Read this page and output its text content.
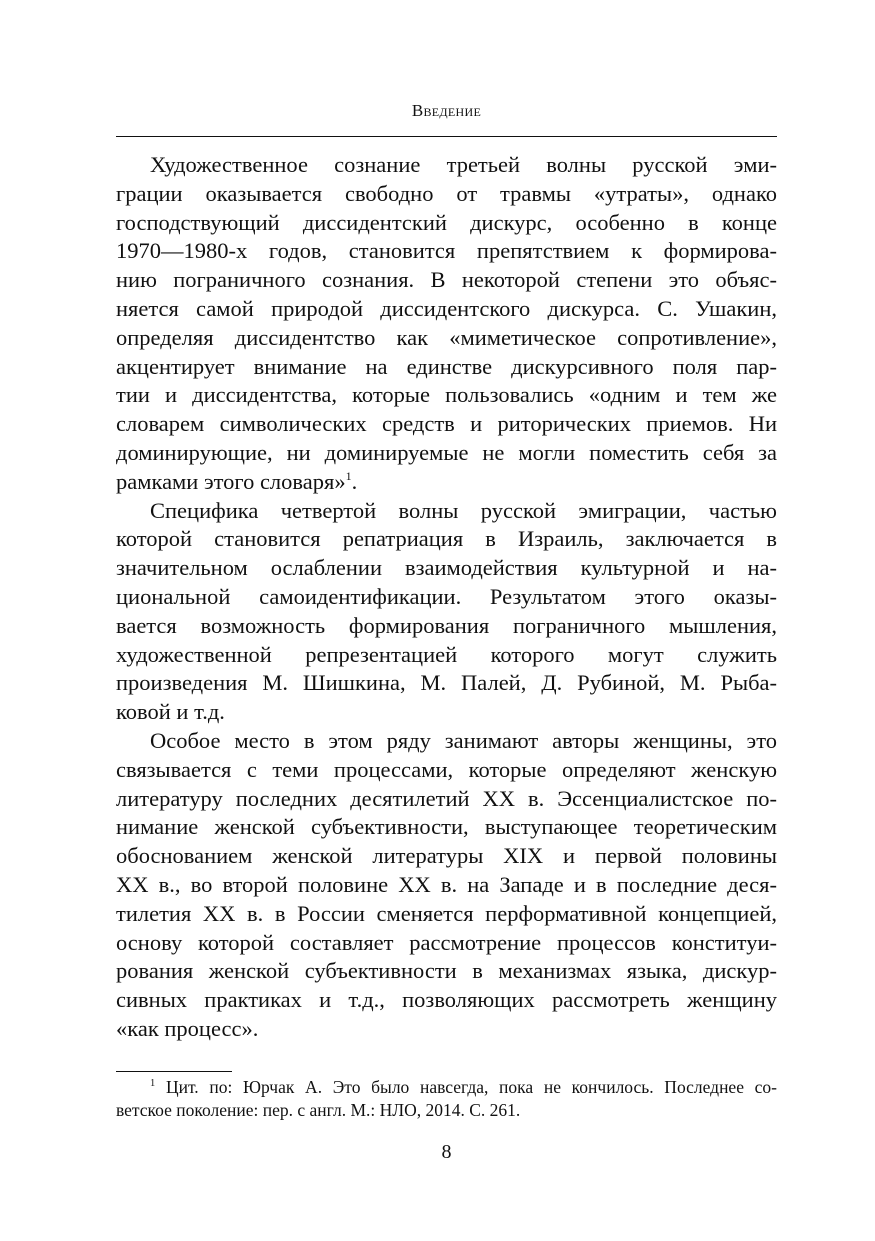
Введение
Художественное сознание третьей волны русской эми-
грации оказывается свободно от травмы «утраты», однако
господствующий диссидентский дискурс, особенно в конце
1970—1980-х годов, становится препятствием к формирова-
нию пограничного сознания. В некоторой степени это объяс-
няется самой природой диссидентского дискурса. С. Ушакин,
определяя диссидентство как «миметическое сопротивление»,
акцентирует внимание на единстве дискурсивного поля пар-
тии и диссидентства, которые пользовались «одним и тем же
словарем символических средств и риторических приемов. Ни
доминирующие, ни доминируемые не могли поместить себя за
рамками этого словаря»$^1$.
Специфика четвертой волны русской эмиграции, частью
которой становится репатриация в Израиль, заключается в
значительном ослаблении взаимодействия культурной и на-
циональной самоидентификации. Результатом этого оказы-
вается возможность формирования пограничного мышления,
художественной репрезентацией которого могут служить
произведения М. Шишкина, М. Палей, Д. Рубиной, М. Рыба-
ковой и т.д.
Особое место в этом ряду занимают авторы женщины, это
связывается с теми процессами, которые определяют женскую
литературу последних десятилетий XX в. Эссенциалистское по-
нимание женской субъективности, выступающее теоретическим
обоснованием женской литературы XIX и первой половины
XX в., во второй половине XX в. на Западе и в последние деся-
тилетия XX в. в России сменяется перформативной концепцией,
основу которой составляет рассмотрение процессов конституи-
рования женской субъективности в механизмах языка, дискур-
сивных практиках и т.д., позволяющих рассмотреть женщину
«как процесс».
$^1$ Цит. по: Юрчак А. Это было навсегда, пока не кончилось. Последнее со-
ветское поколение: пер. с англ. М.: НЛО, 2014. С. 261.
8
